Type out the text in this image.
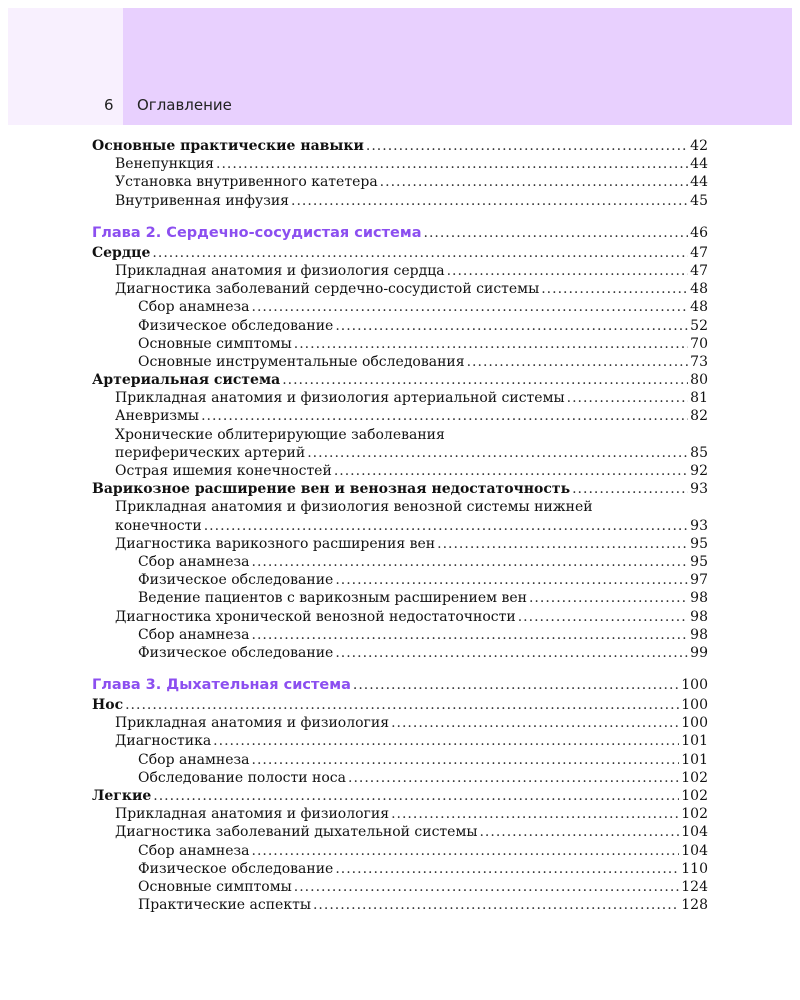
6 Оглавление
Основные практические навыки .....	42
Венепункция .....	44
Установка внутривенного катетера .....	44
Внутривенная инфузия .....	45
Глава 2. Сердечно-сосудистая система .....	46
Сердце .....	47
Прикладная анатомия и физиология сердца .....	47
Диагностика заболеваний сердечно-сосудистой системы .....	48
Сбор анамнеза .....	48
Физическое обследование .....	52
Основные симптомы .....	70
Основные инструментальные обследования .....	73
Артериальная система .....	80
Прикладная анатомия и физиология артериальной системы .....	81
Аневризмы .....	82
Хронические облитерирующие заболевания
периферических артерий .....	85
Острая ишемия конечностей .....	92
Варикозное расширение вен и венозная недостаточность .....	93
Прикладная анатомия и физиология венозной системы нижней
конечности .....	93
Диагностика варикозного расширения вен .....	95
Сбор анамнеза .....	95
Физическое обследование .....	97
Ведение пациентов с варикозным расширением вен .....	98
Диагностика хронической венозной недостаточности .....	98
Сбор анамнеза .....	98
Физическое обследование .....	99
Глава 3. Дыхательная система .....	100
Нос .....	100
Прикладная анатомия и физиология .....	100
Диагностика .....	101
Сбор анамнеза .....	101
Обследование полости носа .....	102
Легкие .....	102
Прикладная анатомия и физиология .....	102
Диагностика заболеваний дыхательной системы .....	104
Сбор анамнеза .....	104
Физическое обследование .....	110
Основные симптомы .....	124
Практические аспекты .....	128
